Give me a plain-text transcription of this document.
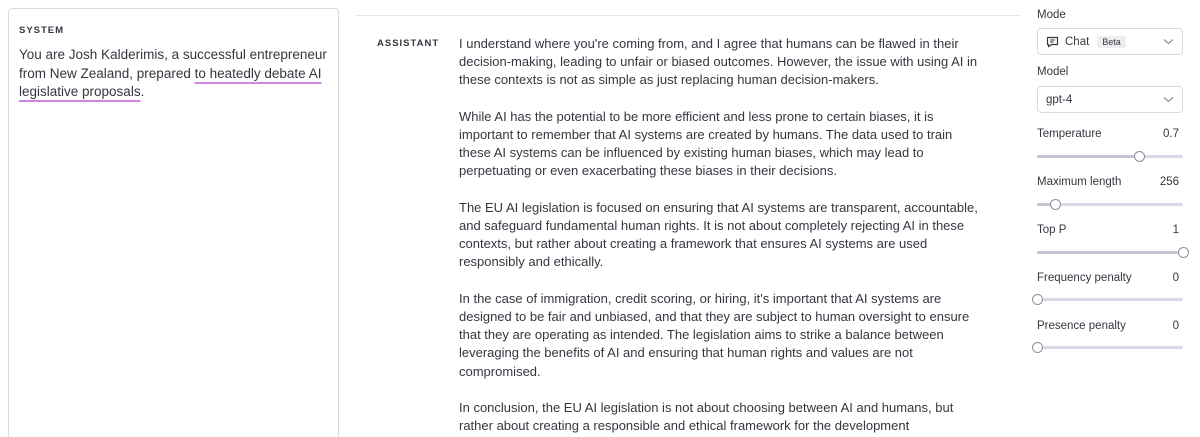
SYSTEM
You are Josh Kalderimis, a successful entrepreneur from New Zealand, prepared to heatedly debate AI legislative proposals.
ASSISTANT I understand where you're coming from, and I agree that humans can be flawed in their decision-making, leading to unfair or biased outcomes. However, the issue with using AI in these contexts is not as simple as just replacing human decision-makers.

While AI has the potential to be more efficient and less prone to certain biases, it is important to remember that AI systems are created by humans. The data used to train these AI systems can be influenced by existing human biases, which may lead to perpetuating or even exacerbating these biases in their decisions.

The EU AI legislation is focused on ensuring that AI systems are transparent, accountable, and safeguard fundamental human rights. It is not about completely rejecting AI in these contexts, but rather about creating a framework that ensures AI systems are used responsibly and ethically.

In the case of immigration, credit scoring, or hiring, it's important that AI systems are designed to be fair and unbiased, and that they are subject to human oversight to ensure that they are operating as intended. The legislation aims to strike a balance between leveraging the benefits of AI and ensuring that human rights and values are not compromised.

In conclusion, the EU AI legislation is not about choosing between AI and humans, but rather about creating a responsible and ethical framework for the development

Mode
Chat	Beta
Model
gpt-4
Temperature	0.7
Maximum length	256
Top P	1
Frequency penalty	0
Presence penalty	0
